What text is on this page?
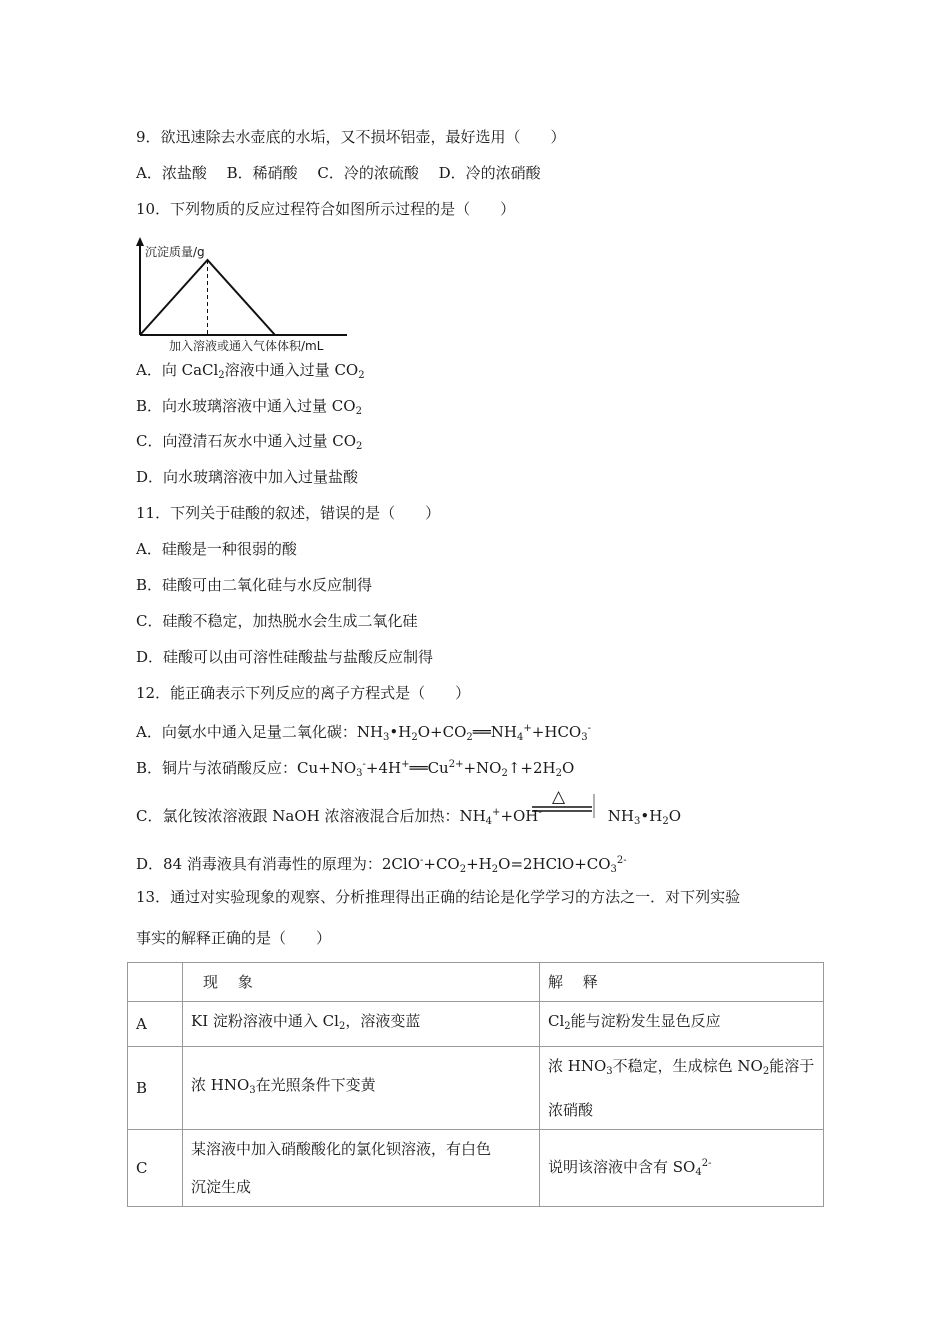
9．欲迅速除去水壶底的水垢，又不损坏铝壶，最好选用（　　）
A．浓盐酸　 B．稀硝酸　 C．冷的浓硫酸　 D．冷的浓硝酸
10．下列物质的反应过程符合如图所示过程的是（　　）
沉淀质量/g
加入溶液或通入气体体积/mL
A．向 CaCl$_2$溶液中通入过量 $CO_2$
B．向水玻璃溶液中通入过量 $CO_2$
C．向澄清石灰水中通入过量 $CO_2$
D．向水玻璃溶液中加入过量盐酸
11．下列关于硅酸的叙述，错误的是（　　）
A．硅酸是一种很弱的酸
B．硅酸可由二氧化硅与水反应制得
C．硅酸不稳定，加热脱水会生成二氧化硅
D．硅酸可以由可溶性硅酸盐与盐酸反应制得
12．能正确表示下列反应的离子方程式是（　　）
A．向氨水中通入足量二氧化碳：$NH_3•H_2O+CO_2══NH_4^++HCO_3^-$
B．铜片与浓硝酸反应：$Cu+NO_3^-+4H^+══Cu^{2+}+NO_2↑+2H_2O$
C．氯化铵浓溶液跟 NaOH 浓溶液混合后加热：$NH_4^++OH^-$	$NH_3•H_2O$
△
D．84 消毒液具有消毒性的原理为：$2ClO^-+CO_2+H_2O=2HClO+CO_3^{2-}$
13．通过对实验现象的观察、分析推理得出正确的结论是化学学习的方法之一．对下列实验
事实的解释正确的是（　　）
	现　 象	解　 释
A	KI 淀粉溶液中通入 $Cl_2$，溶液变蓝	$Cl_2$能与淀粉发生显色反应
B	浓 $HNO_3$在光照条件下变黄	浓 $HNO_3$不稳定，生成棕色 $NO_2$能溶于
浓硝酸
C	某溶液中加入硝酸酸化的氯化钡溶液，有白色
沉淀生成	说明该溶液中含有 $SO_4^{2-}$
